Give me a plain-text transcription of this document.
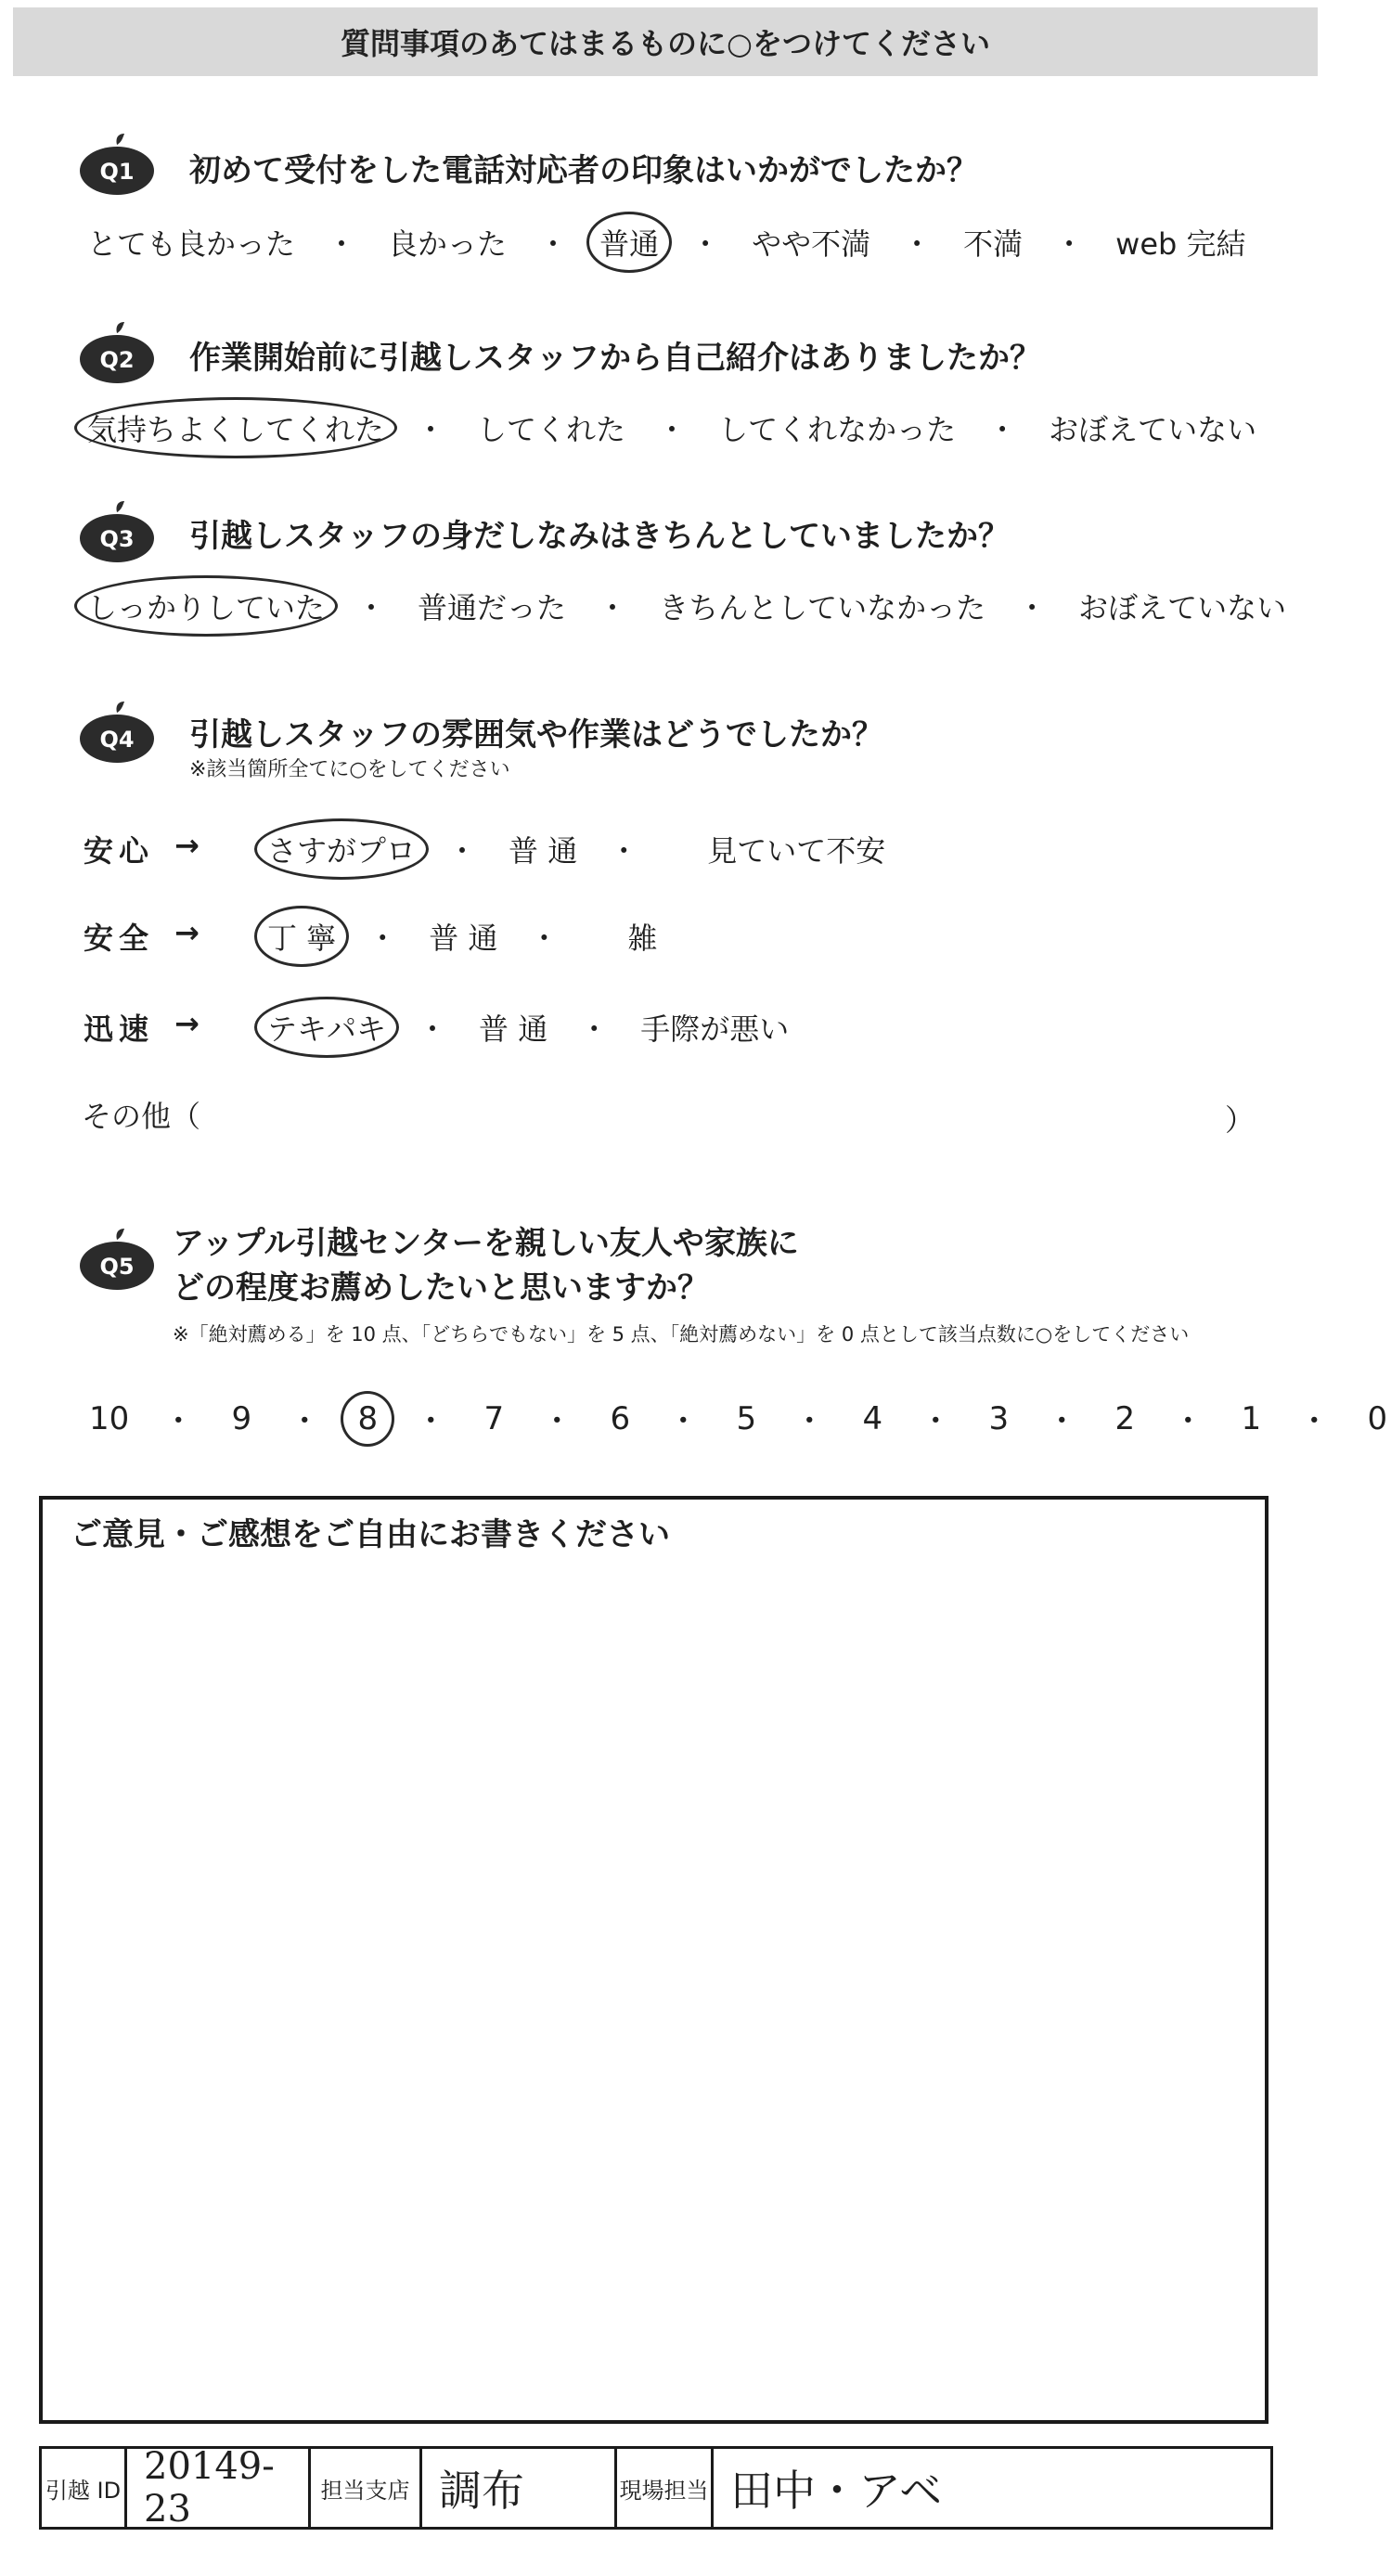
質問事項のあてはまるものに○をつけてください
Q1 初めて受付をした電話対応者の印象はいかがでしたか？
とても良かった ・ 良かった ・ 普通 ・ やや不満 ・ 不満 ・ web 完結
Q2 作業開始前に引越しスタッフから自己紹介はありましたか？
気持ちよくしてくれた ・ してくれた ・ してくれなかった ・ おぼえていない
Q3 引越しスタッフの身だしなみはきちんとしていましたか？
しっかりしていた ・ 普通だった ・ きちんとしていなかった ・ おぼえていない
Q4 引越しスタッフの雰囲気や作業はどうでしたか？
※該当箇所全てに○をしてください
安心 → さすがプロ ・ 普 通 ・ 見ていて不安
安全 → 丁 寧 ・ 普 通 ・ 雑
迅速 → テキパキ ・ 普 通 ・ 手際が悪い
その他（	）
Q5
アップル引越センターを親しい友人や家族に
どの程度お薦めしたいと思いますか？
※「絶対薦める」を 10 点、「どちらでもない」を 5 点、「絶対薦めない」を 0 点として該当点数に○をしてください
10 ・ 9 ・ 8 ・ 7 ・ 6 ・ 5 ・ 4 ・ 3 ・ 2 ・ 1 ・ 0
ご意見・ご感想をご自由にお書きください
引越 ID
20149-23	担当支店 調布	現場担当 田中・アベ
